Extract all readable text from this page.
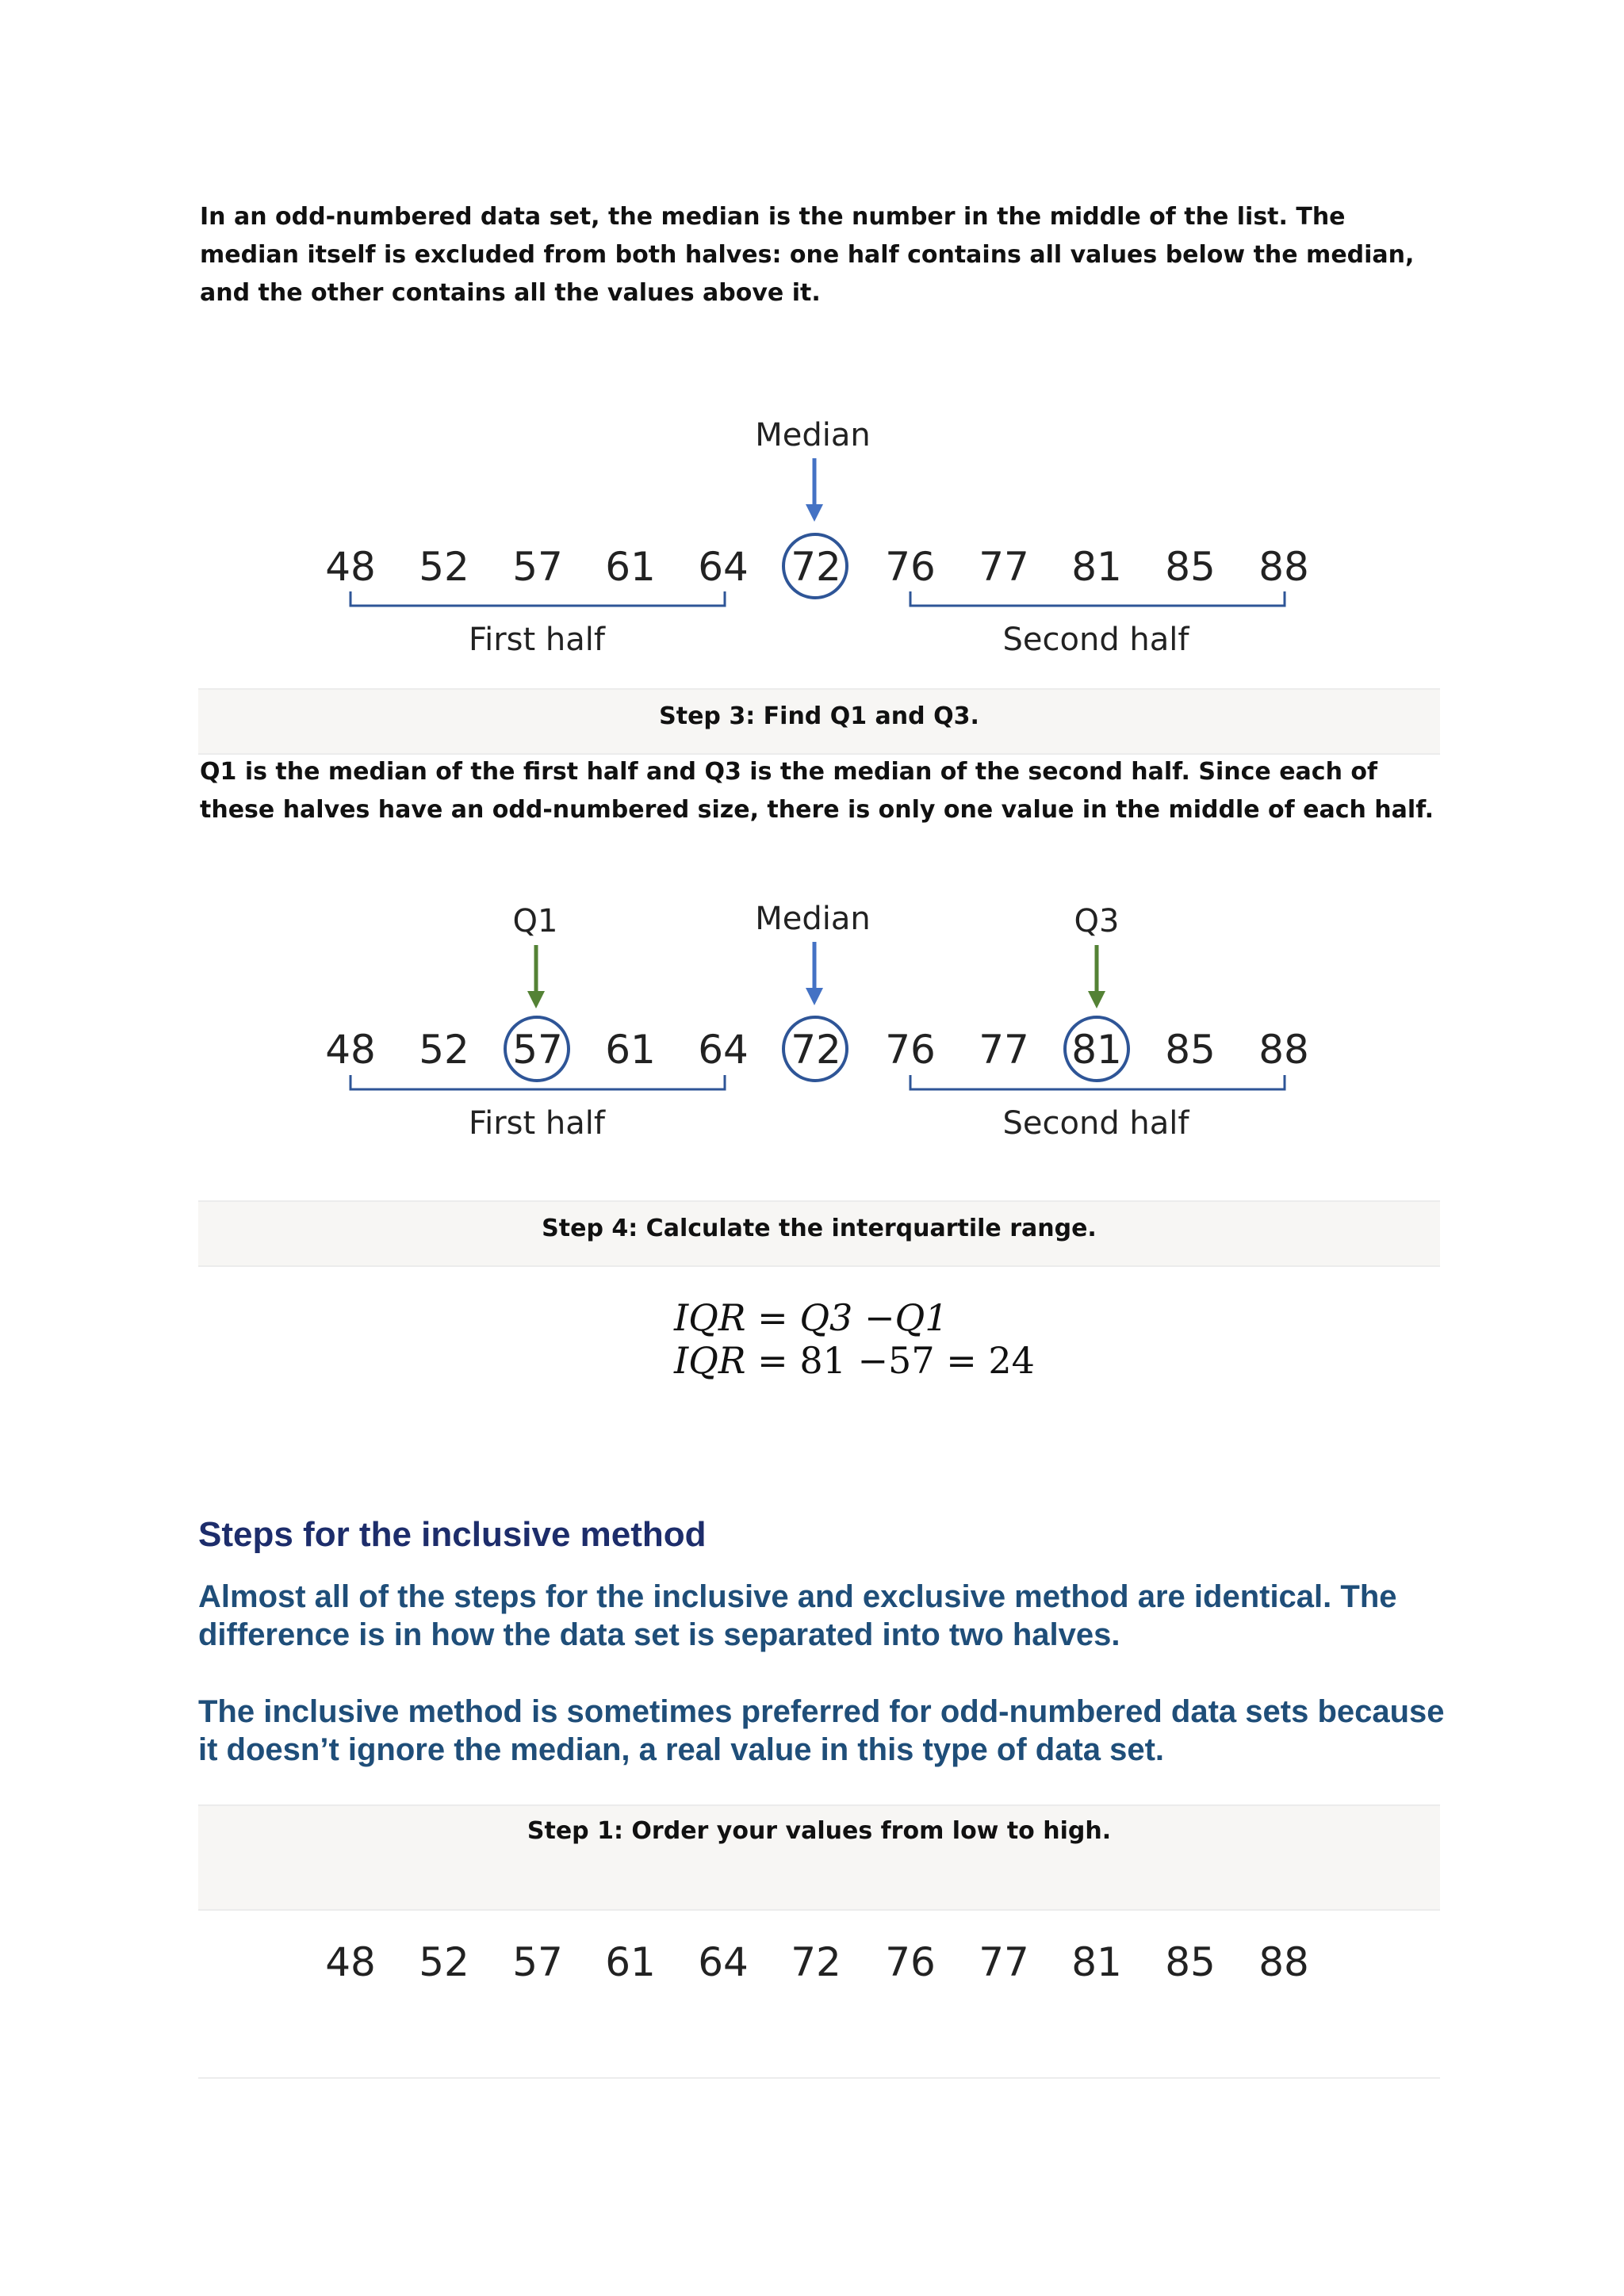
In an odd-numbered data set, the median is the number in the middle of the list. The median itself is excluded from both halves: one half contains all values below the median, and the other contains all the values above it.

Median
48 52 57 61 64 72 76 77 81 85 88
First half	Second half
Step 3: Find Q1 and Q3.

Q1 is the median of the first half and Q3 is the median of the second half. Since each of these halves have an odd-numbered size, there is only one value in the middle of each half.

Q1	Median	Q3
48 52 57 61 64 72 76 77 81 85 88
First half	Second half
Step 4: Calculate the interquartile range.
IQR = Q3 −Q1
IQR = 81 −57 = 24
Steps for the inclusive method

Almost all of the steps for the inclusive and exclusive method are identical. The difference is in how the data set is separated into two halves.

The inclusive method is sometimes preferred for odd-numbered data sets because it doesn’t ignore the median, a real value in this type of data set.

Step 1: Order your values from low to high.
48 52 57 61 64 72 76 77 81 85 88
